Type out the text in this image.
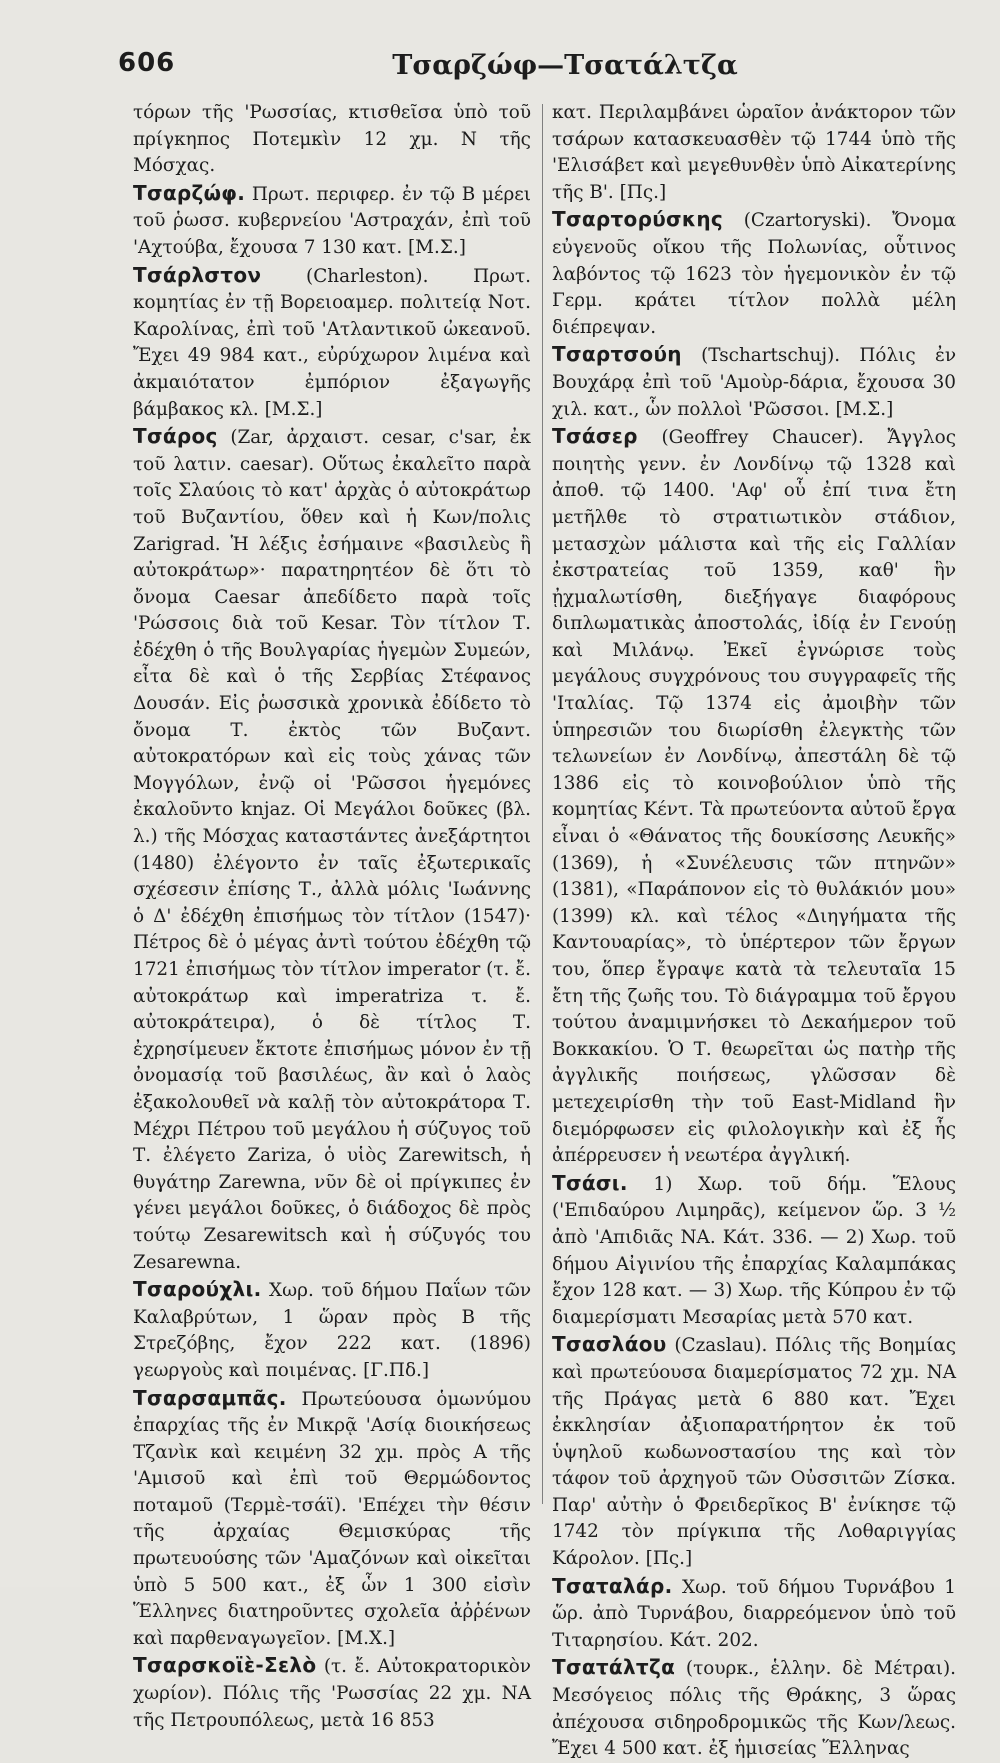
606	Τσαρζώφ—Τσατάλτζα

τόρων τῆς 'Ρωσσίας, κτισθεῖσα ὑπὸ τοῦ πρίγκηπος Ποτεμκὶν 12 χμ. Ν τῆς Μόσχας.

Τσαρζώφ. Πρωτ. περιφερ. ἐν τῷ Β μέρει τοῦ ῥωσσ. κυβερνείου 'Αστραχάν, ἐπὶ τοῦ 'Αχτούβα, ἔχουσα 7 130 κατ. [Μ.Σ.]

Τσάρλστον (Charleston). Πρωτ. κομητίας ἐν τῇ Βορειοαμερ. πολιτείᾳ Νοτ. Καρολίνας, ἐπὶ τοῦ 'Ατλαντικοῦ ὠκεανοῦ. Ἔχει 49 984 κατ., εὐρύχωρον λιμένα καὶ ἀκμαιότατον ἐμπόριον ἐξαγωγῆς βάμβακος κλ. [Μ.Σ.]

Τσάρος (Zar, ἀρχαιστ. cesar, c'sar, ἐκ τοῦ λατιν. caesar). Οὕτως ἐκαλεῖτο παρὰ τοῖς Σλαύοις τὸ κατ' ἀρχὰς ὁ αὐτοκράτωρ τοῦ Βυζαντίου, ὅθεν καὶ ἡ Κων/πολις Zarigrad. Ἡ λέξις ἐσήμαινε «βασιλεὺς ἢ αὐτοκράτωρ»· παρατηρητέον δὲ ὅτι τὸ ὄνομα Caesar ἀπεδίδετο παρὰ τοῖς 'Ρώσσοις διὰ τοῦ Kesar. Τὸν τίτλον Τ. ἐδέχθη ὁ τῆς Βουλγαρίας ἡγεμὼν Συμεών, εἶτα δὲ καὶ ὁ τῆς Σερβίας Στέφανος Δουσάν. Εἰς ῥωσσικὰ χρονικὰ ἐδίδετο τὸ ὄνομα Τ. ἐκτὸς τῶν Βυζαντ. αὐτοκρατόρων καὶ εἰς τοὺς χάνας τῶν Μογγόλων, ἐνῷ οἱ 'Ρῶσσοι ἡγεμόνες ἐκαλοῦντο knjaz. Οἱ Μεγάλοι δοῦκες (βλ. λ.) τῆς Μόσχας καταστάντες ἀνεξάρτητοι (1480) ἐλέγοντο ἐν ταῖς ἐξωτερικαῖς σχέσεσιν ἐπίσης Τ., ἀλλὰ μόλις 'Ιωάννης ὁ Δ' ἐδέχθη ἐπισήμως τὸν τίτλον (1547)· Πέτρος δὲ ὁ μέγας ἀντὶ τούτου ἐδέχθη τῷ 1721 ἐπισήμως τὸν τίτλον imperator (τ. ἔ. αὐτοκράτωρ καὶ imperatriza τ. ἔ. αὐτοκράτειρα), ὁ δὲ τίτλος Τ. ἐχρησίμευεν ἔκτοτε ἐπισήμως μόνον ἐν τῇ ὀνομασίᾳ τοῦ βασιλέως, ἂν καὶ ὁ λαὸς ἐξακολουθεῖ νὰ καλῇ τὸν αὐτοκράτορα Τ. Μέχρι Πέτρου τοῦ μεγάλου ἡ σύζυγος τοῦ Τ. ἐλέγετο Zariza, ὁ υἱὸς Zarewitsch, ἡ θυγάτηρ Zarewna, νῦν δὲ οἱ πρίγκιπες ἐν γένει μεγάλοι δοῦκες, ὁ διάδοχος δὲ πρὸς τούτῳ Zesarewitsch καὶ ἡ σύζυγός του Zesarewna.

Τσαρούχλι. Χωρ. τοῦ δήμου Παΐων τῶν Καλαβρύτων, 1 ὥραν πρὸς Β τῆς Στρεζόβης, ἔχον 222 κατ. (1896) γεωργοὺς καὶ ποιμένας. [Γ.Πδ.]

Τσαρσαμπᾶς. Πρωτεύουσα ὁμωνύμου ἐπαρχίας τῆς ἐν Μικρᾷ 'Ασίᾳ διοικήσεως Τζανὶκ καὶ κειμένη 32 χμ. πρὸς Α τῆς 'Αμισοῦ καὶ ἐπὶ τοῦ Θερμώδοντος ποταμοῦ (Τερμὲ-τσάϊ). 'Επέχει τὴν θέσιν τῆς ἀρχαίας Θεμισκύρας τῆς πρωτευούσης τῶν 'Αμαζόνων καὶ οἰκεῖται ὑπὸ 5 500 κατ., ἐξ ὧν 1 300 εἰσὶν Ἕλληνες διατηροῦντες σχολεῖα ἀῤῥένων καὶ παρθεναγωγεῖον. [Μ.Χ.]

Τσαρσκοϊὲ-Σελὸ (τ. ἔ. Αὐτοκρατορικὸν χωρίον). Πόλις τῆς 'Ρωσσίας 22 χμ. ΝΑ τῆς Πετρουπόλεως, μετὰ 16 853

κατ. Περιλαμβάνει ὡραῖον ἀνάκτορον τῶν τσάρων κατασκευασθὲν τῷ 1744 ὑπὸ τῆς 'Ελισάβετ καὶ μεγεθυνθὲν ὑπὸ Αἰκατερίνης τῆς Β'. [Πς.]

Τσαρτορύσκης (Czartoryski). Ὄνομα εὐγενοῦς οἴκου τῆς Πολωνίας, οὗτινος λαβόντος τῷ 1623 τὸν ἡγεμονικὸν ἐν τῷ Γερμ. κράτει τίτλον πολλὰ μέλη διέπρεψαν.

Τσαρτσούη (Tschartschuj). Πόλις ἐν Βουχάρᾳ ἐπὶ τοῦ 'Αμοὺρ-δάρια, ἔχουσα 30 χιλ. κατ., ὧν πολλοὶ 'Ρῶσσοι. [Μ.Σ.]

Τσάσερ (Geoffrey Chaucer). Ἄγγλος ποιητὴς γενν. ἐν Λονδίνῳ τῷ 1328 καὶ ἀποθ. τῷ 1400. 'Αφ' οὗ ἐπί τινα ἔτη μετῆλθε τὸ στρατιωτικὸν στάδιον, μετασχὼν μάλιστα καὶ τῆς εἰς Γαλλίαν ἐκστρατείας τοῦ 1359, καθ' ἣν ᾐχμαλωτίσθη, διεξήγαγε διαφόρους διπλωματικὰς ἀποστολάς, ἰδίᾳ ἐν Γενούῃ καὶ Μιλάνῳ. Ἐκεῖ ἐγνώρισε τοὺς μεγάλους συγχρόνους του συγγραφεῖς τῆς 'Ιταλίας. Τῷ 1374 εἰς ἀμοιβὴν τῶν ὑπηρεσιῶν του διωρίσθη ἐλεγκτὴς τῶν τελωνείων ἐν Λονδίνῳ, ἀπεστάλη δὲ τῷ 1386 εἰς τὸ κοινοβούλιον ὑπὸ τῆς κομητίας Κέντ. Τὰ πρωτεύοντα αὐτοῦ ἔργα εἶναι ὁ «Θάνατος τῆς δουκίσσης Λευκῆς» (1369), ἡ «Συνέλευσις τῶν πτηνῶν» (1381), «Παράπονον εἰς τὸ θυλάκιόν μου» (1399) κλ. καὶ τέλος «Διηγήματα τῆς Καντουαρίας», τὸ ὑπέρτερον τῶν ἔργων του, ὅπερ ἔγραψε κατὰ τὰ τελευταῖα 15 ἔτη τῆς ζωῆς του. Τὸ διάγραμμα τοῦ ἔργου τούτου ἀναμιμνήσκει τὸ Δεκαήμερον τοῦ Βοκκακίου. Ὁ Τ. θεωρεῖται ὡς πατὴρ τῆς ἀγγλικῆς ποιήσεως, γλῶσσαν δὲ μετεχειρίσθη τὴν τοῦ East-Midland ἣν διεμόρφωσεν εἰς φιλολογικὴν καὶ ἐξ ἧς ἀπέρρευσεν ἡ νεωτέρα ἀγγλική.

Τσάσι. 1) Χωρ. τοῦ δήμ. Ἕλους ('Επιδαύρου Λιμηρᾶς), κείμενον ὥρ. 3 ½ ἀπὸ 'Απιδιᾶς ΝΑ. Κάτ. 336. — 2) Χωρ. τοῦ δήμου Αἰγινίου τῆς ἐπαρχίας Καλαμπάκας ἔχον 128 κατ. — 3) Χωρ. τῆς Κύπρου ἐν τῷ διαμερίσματι Μεσαρίας μετὰ 570 κατ.

Τσασλάου (Czaslau). Πόλις τῆς Βοημίας καὶ πρωτεύουσα διαμερίσματος 72 χμ. ΝΑ τῆς Πράγας μετὰ 6 880 κατ. Ἔχει ἐκκλησίαν ἀξιοπαρατήρητον ἐκ τοῦ ὑψηλοῦ κωδωνοστασίου της καὶ τὸν τάφον τοῦ ἀρχηγοῦ τῶν Οὐσσιτῶν Ζίσκα. Παρ' αὐτὴν ὁ Φρειδερῖκος Β' ἐνίκησε τῷ 1742 τὸν πρίγκιπα τῆς Λοθαριγγίας Κάρολον. [Πς.]

Τσαταλάρ. Χωρ. τοῦ δήμου Τυρνάβου 1 ὥρ. ἀπὸ Τυρνάβου, διαρρεόμενον ὑπὸ τοῦ Τιταρησίου. Κάτ. 202.

Τσατάλτζα (τουρκ., ἑλλην. δὲ Μέτραι). Μεσόγειος πόλις τῆς Θράκης, 3 ὥρας ἀπέχουσα σιδηροδρομικῶς τῆς Κων/λεως. Ἔχει 4 500 κατ. ἐξ ἡμισείας Ἕλληνας
